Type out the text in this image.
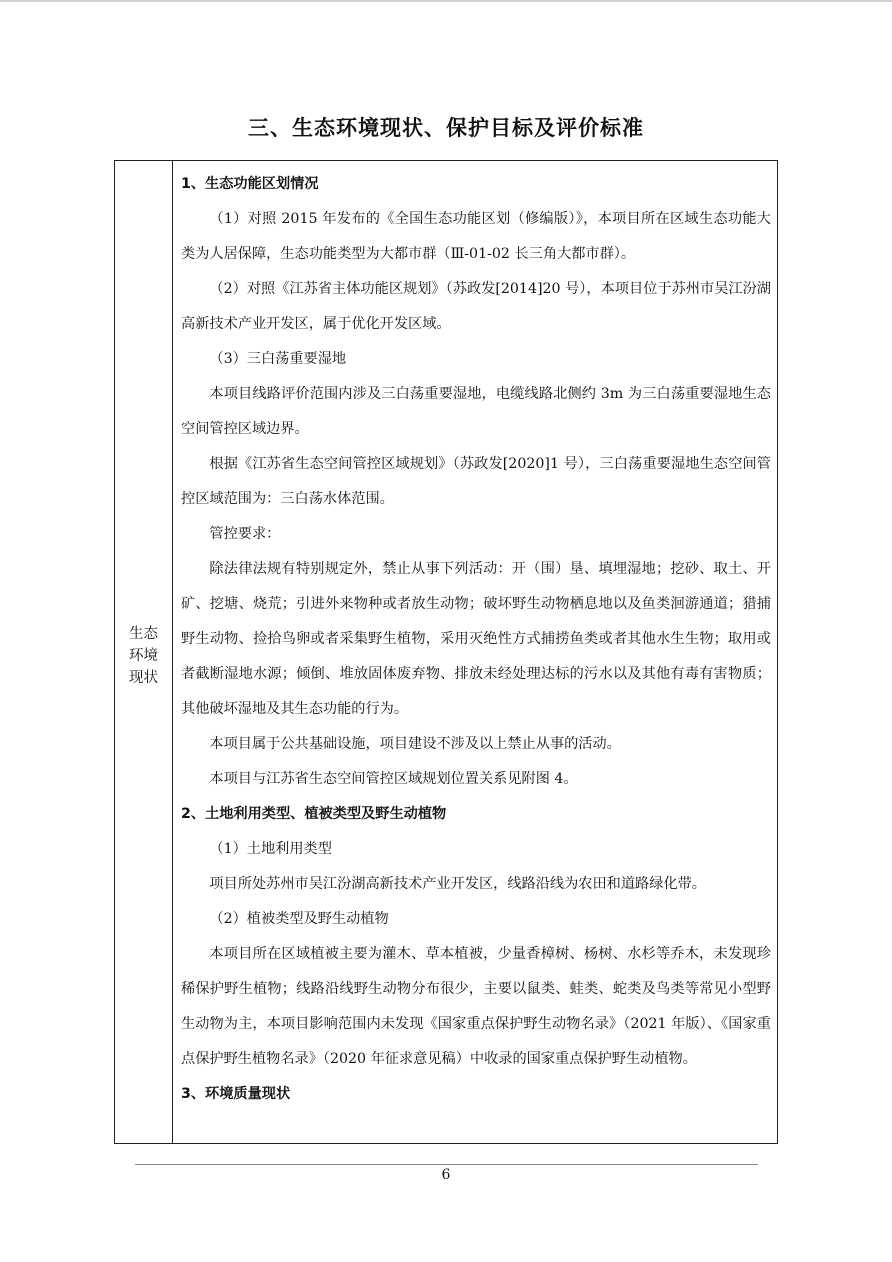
三、生态环境现状、保护目标及评价标准
生态
环境
现状

1、生态功能区划情况

（1）对照 2015 年发布的《全国生态功能区划（修编版）》，本项目所在区域生态功能大类为人居保障，生态功能类型为大都市群（Ⅲ-01-02 长三角大都市群）。

（2）对照《江苏省主体功能区规划》（苏政发[2014]20 号），本项目位于苏州市吴江汾湖高新技术产业开发区，属于优化开发区域。

（3）三白荡重要湿地

本项目线路评价范围内涉及三白荡重要湿地，电缆线路北侧约 3m 为三白荡重要湿地生态空间管控区域边界。

根据《江苏省生态空间管控区域规划》（苏政发[2020]1 号），三白荡重要湿地生态空间管控区域范围为：三白荡水体范围。

管控要求：

除法律法规有特别规定外，禁止从事下列活动：开（围）垦、填埋湿地；挖砂、取土、开矿、挖塘、烧荒；引进外来物种或者放生动物；破坏野生动物栖息地以及鱼类洄游通道；猎捕野生动物、捡拾鸟卵或者采集野生植物，采用灭绝性方式捕捞鱼类或者其他水生生物；取用或者截断湿地水源；倾倒、堆放固体废弃物、排放未经处理达标的污水以及其他有毒有害物质；其他破坏湿地及其生态功能的行为。

本项目属于公共基础设施，项目建设不涉及以上禁止从事的活动。

本项目与江苏省生态空间管控区域规划位置关系见附图 4。

2、土地利用类型、植被类型及野生动植物

（1）土地利用类型

项目所处苏州市吴江汾湖高新技术产业开发区，线路沿线为农田和道路绿化带。

（2）植被类型及野生动植物

本项目所在区域植被主要为灌木、草本植被，少量香樟树、杨树、水杉等乔木，未发现珍稀保护野生植物；线路沿线野生动物分布很少，主要以鼠类、蛙类、蛇类及鸟类等常见小型野生动物为主，本项目影响范围内未发现《国家重点保护野生动物名录》（2021 年版）、《国家重点保护野生植物名录》（2020 年征求意见稿）中收录的国家重点保护野生动植物。

3、环境质量现状

6
